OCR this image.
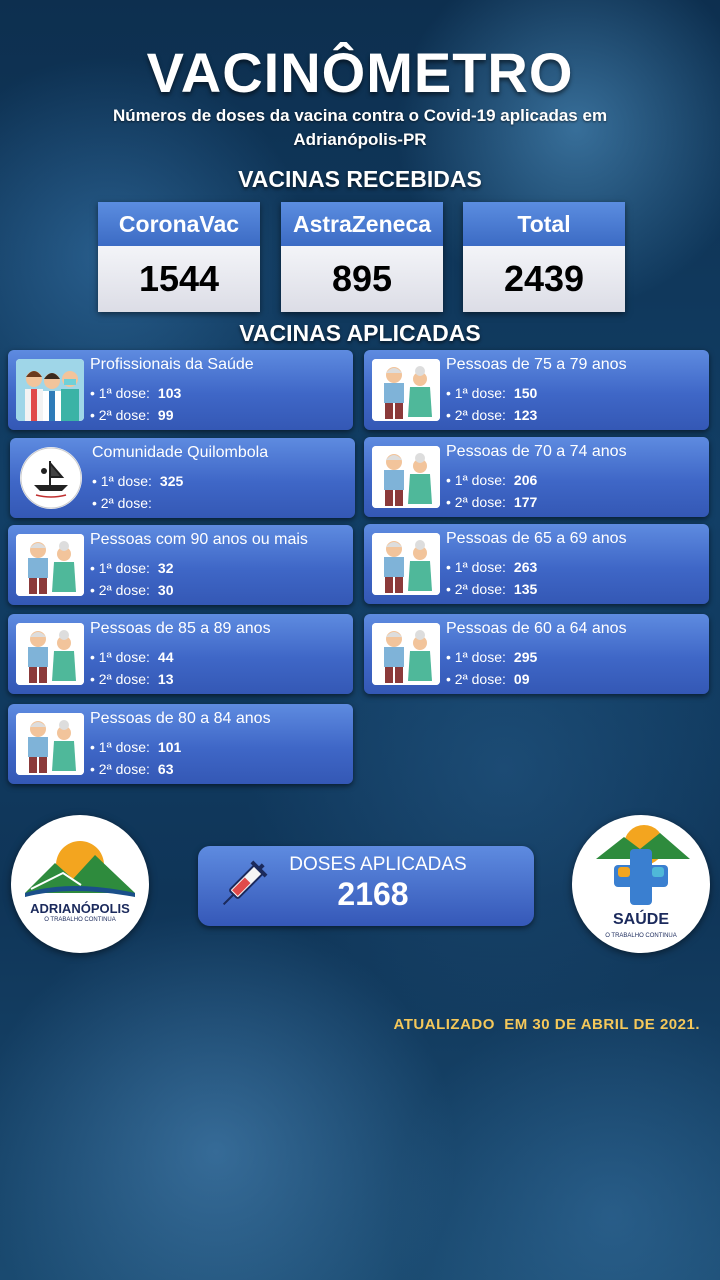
VACINÔMETRO
Números de doses da vacina contra o Covid-19 aplicadas em
Adrianópolis-PR
VACINAS RECEBIDAS
CoronaVac
1544
AstraZeneca
895
Total
2439
VACINAS APLICADAS
Profissionais da Saúde
• 1ª dose: 103
• 2ª dose: 99
Comunidade Quilombola
• 1ª dose: 325
• 2ª dose:
Pessoas com 90 anos ou mais
• 1ª dose: 32
• 2ª dose: 30
Pessoas de 85 a 89 anos
• 1ª dose: 44
• 2ª dose: 13
Pessoas de 80 a 84 anos
• 1ª dose: 101
• 2ª dose: 63
Pessoas de 75 a 79 anos
• 1ª dose: 150
• 2ª dose: 123
Pessoas de 70 a 74 anos
• 1ª dose: 206
• 2ª dose: 177
Pessoas de 65 a 69 anos
• 1ª dose: 263
• 2ª dose: 135
Pessoas de 60 a 64 anos
• 1ª dose: 295
• 2ª dose: 09
ADRIANÓPOLIS
O TRABALHO CONTINUA	SAÚDE
O TRABALHO CONTINUA
DOSES APLICADAS
2168
ATUALIZADO  EM 30 DE ABRIL DE 2021.
